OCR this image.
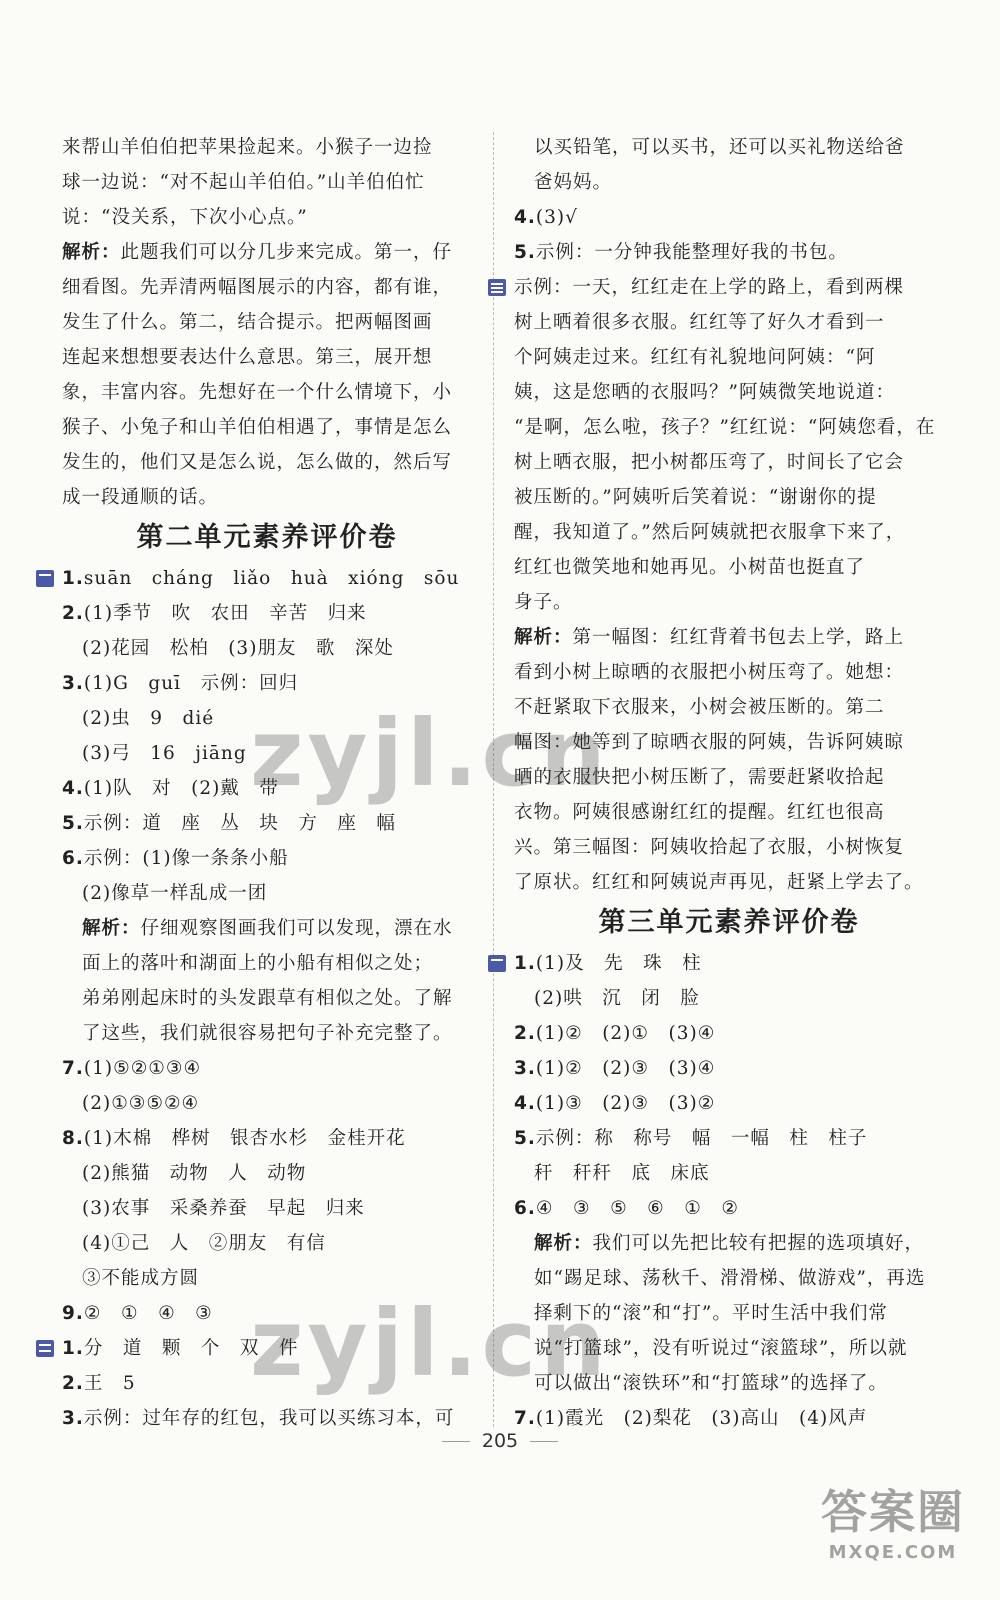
来帮山羊伯伯把苹果捡起来。小猴子一边捡
球一边说：“对不起山羊伯伯。”山羊伯伯忙
说：“没关系，下次小心点。”
解析：此题我们可以分几步来完成。第一，仔
细看图。先弄清两幅图展示的内容，都有谁，
发生了什么。第二，结合提示。把两幅图画
连起来想想要表达什么意思。第三，展开想
象，丰富内容。先想好在一个什么情境下，小
猴子、小兔子和山羊伯伯相遇了，事情是怎么
发生的，他们又是怎么说，怎么做的，然后写
成一段通顺的话。
第二单元素养评价卷
1.suān　cháng　liǎo　huà　xióng　sōu
2.(1)季节　吹　农田　辛苦　归来
(2)花园　松柏　(3)朋友　歌　深处
3.(1)G　guī　示例：回归
(2)虫　9　dié
(3)弓　16　jiāng
4.(1)队　对　(2)戴　带
5.示例：道　座　丛　块　方　座　幅
6.示例：(1)像一条条小船
(2)像草一样乱成一团
解析：仔细观察图画我们可以发现，漂在水
面上的落叶和湖面上的小船有相似之处；
弟弟刚起床时的头发跟草有相似之处。了解
了这些，我们就很容易把句子补充完整了。
7.(1)⑤②①③④
(2)①③⑤②④
8.(1)木棉　桦树　银杏水杉　金桂开花
(2)熊猫　动物　人　动物
(3)农事　采桑养蚕　早起　归来
(4)①己　人　②朋友　有信
③不能成方圆
9.②　①　④　③
1.分　道　颗　个　双　件
2.王　5
3.示例：过年存的红包，我可以买练习本，可
以买铅笔，可以买书，还可以买礼物送给爸
爸妈妈。
4.(3)√
5.示例：一分钟我能整理好我的书包。
示例：一天，红红走在上学的路上，看到两棵
树上晒着很多衣服。红红等了好久才看到一
个阿姨走过来。红红有礼貌地问阿姨：“阿
姨，这是您晒的衣服吗？”阿姨微笑地说道：
“是啊，怎么啦，孩子？”红红说：“阿姨您看，在
树上晒衣服，把小树都压弯了，时间长了它会
被压断的。”阿姨听后笑着说：“谢谢你的提
醒，我知道了。”然后阿姨就把衣服拿下来了，
红红也微笑地和她再见。小树苗也挺直了
身子。
解析：第一幅图：红红背着书包去上学，路上
看到小树上晾晒的衣服把小树压弯了。她想：
不赶紧取下衣服来，小树会被压断的。第二
幅图：她等到了晾晒衣服的阿姨，告诉阿姨晾
晒的衣服快把小树压断了，需要赶紧收拾起
衣物。阿姨很感谢红红的提醒。红红也很高
兴。第三幅图：阿姨收拾起了衣服，小树恢复
了原状。红红和阿姨说声再见，赶紧上学去了。
第三单元素养评价卷
1.(1)及　先　珠　柱
(2)哄　沉　闭　脸
2.(1)②　(2)①　(3)④
3.(1)②　(2)③　(3)④
4.(1)③　(2)③　(3)②
5.示例：称　称号　幅　一幅　柱　柱子
秆　秆秆　底　床底
6.④　③　⑤　⑥　①　②
解析：我们可以先把比较有把握的选项填好，
如“踢足球、荡秋千、滑滑梯、做游戏”，再选
择剩下的“滚”和“打”。平时生活中我们常
说“打篮球”，没有听说过“滚篮球”，所以就
可以做出“滚铁环”和“打篮球”的选择了。
7.(1)霞光　(2)梨花　(3)高山　(4)风声
zyjl.cn
zyjl.cn
205
答案圈
MXQE.COM
